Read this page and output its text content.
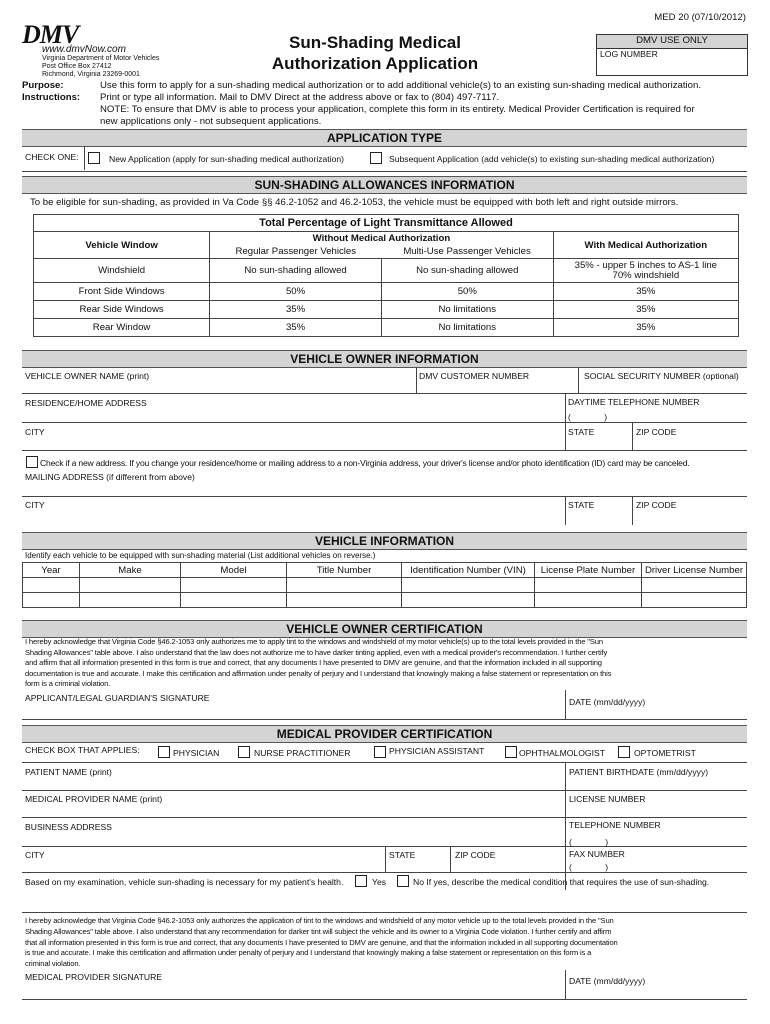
MED 20 (07/10/2012)
DMV
www.dmvNow.com
Virginia Department of Motor Vehicles
Post Office Box 27412
Richmond, Virginia 23269-0001
Sun-Shading Medical
Authorization Application
DMV USE ONLY
LOG NUMBER
Purpose:	Use this form to apply for a sun-shading medical authorization or to add additional vehicle(s) to an existing sun-shading medical authorization.
Instructions: Print or type all information. Mail to DMV Direct at the address above or fax to (804) 497-7117.
NOTE: To ensure that DMV is able to process your application, complete this form in its entirety. Medical Provider Certification is required for
new applications only - not subsequent applications.
APPLICATION TYPE
CHECK ONE:	New Application (apply for sun-shading medical authorization)	Subsequent Application (add vehicle(s) to existing sun-shading medical authorization)
SUN-SHADING ALLOWANCES INFORMATION
To be eligible for sun-shading, as provided in Va Code §§ 46.2-1052 and 46.2-1053, the vehicle must be equipped with both left and right outside mirrors.
Total Percentage of Light Transmittance Allowed			
Vehicle Window	Without Medical Authorization		With Medical Authorization
	Regular Passenger Vehicles	Multi-Use Passenger Vehicles	
Windshield	No sun-shading allowed	No sun-shading allowed	35% - upper 5 inches to AS-1 line
70% windshield

Front Side Windows	50%	50%	35%
Rear Side Windows	35%	No limitations	35%
Rear Window	35%	No limitations	35%
VEHICLE OWNER INFORMATION
VEHICLE OWNER NAME (print)	DMV CUSTOMER NUMBER	SOCIAL SECURITY NUMBER (optional)
RESIDENCE/HOME ADDRESS	DAYTIME TELEPHONE NUMBER
(              )
CITY	STATE	ZIP CODE
Check if a new address. If you change your residence/home or mailing address to a non-Virginia address, your driver's license and/or photo identification (ID) card may be canceled.
MAILING ADDRESS (if different from above)
CITY	STATE	ZIP CODE
VEHICLE INFORMATION
Identify each vehicle to be equipped with sun-shading material (List additional vehicles on reverse.)
Year	Make	Model	Title Number	Identification Number (VIN)	License Plate Number	Driver License Number

VEHICLE OWNER CERTIFICATION
I hereby acknowledge that Virginia Code §46.2-1053 only authorizes me to apply tint to the windows and windshield of my motor vehicle(s) up to the total levels provided in the "Sun
Shading Allowances" table above. I also understand that the law does not authorize me to have darker tinting applied, even with a medical provider's recommendation. I further certify
and affirm that all information presented in this form is true and correct, that any documents I have presented to DMV are genuine, and that the information included in all supporting
documentation is true and accurate. I make this certification and affirmation under penalty of perjury and I understand that knowingly making a false statement or representation on this
form is a criminal violation.
APPLICANT/LEGAL GUARDIAN'S SIGNATURE	DATE (mm/dd/yyyy)
MEDICAL PROVIDER CERTIFICATION
CHECK BOX THAT APPLIES:	PHYSICIAN	NURSE PRACTITIONER	PHYSICIAN ASSISTANT	OPHTHALMOLOGIST	OPTOMETRIST
PATIENT NAME (print)	PATIENT BIRTHDATE (mm/dd/yyyy)
MEDICAL PROVIDER NAME (print)	LICENSE NUMBER
BUSINESS ADDRESS	TELEPHONE NUMBER
(              )
CITY	STATE	ZIP CODE	FAX NUMBER
(              )
Based on my examination, vehicle sun-shading is necessary for my patient's health.	Yes	No If yes, describe the medical condition that requires the use of sun-shading.
I hereby acknowledge that Virginia Code §46.2-1053 only authorizes the application of tint to the windows and windshield of any motor vehicle up to the total levels provided in the "Sun
Shading Allowances" table above. I also understand that any recommendation for darker tint will subject the vehicle and its owner to a Virginia Code violation. I further certify and affirm
that all information presented in this form is true and correct, that any documents I have presented to DMV are genuine, and that the information included in all supporting documentation
is true and accurate. I make this certification and affirmation under penalty of perjury and I understand that knowingly making a false statement or representation on this form is a
criminal violation.
MEDICAL PROVIDER SIGNATURE	DATE (mm/dd/yyyy)
